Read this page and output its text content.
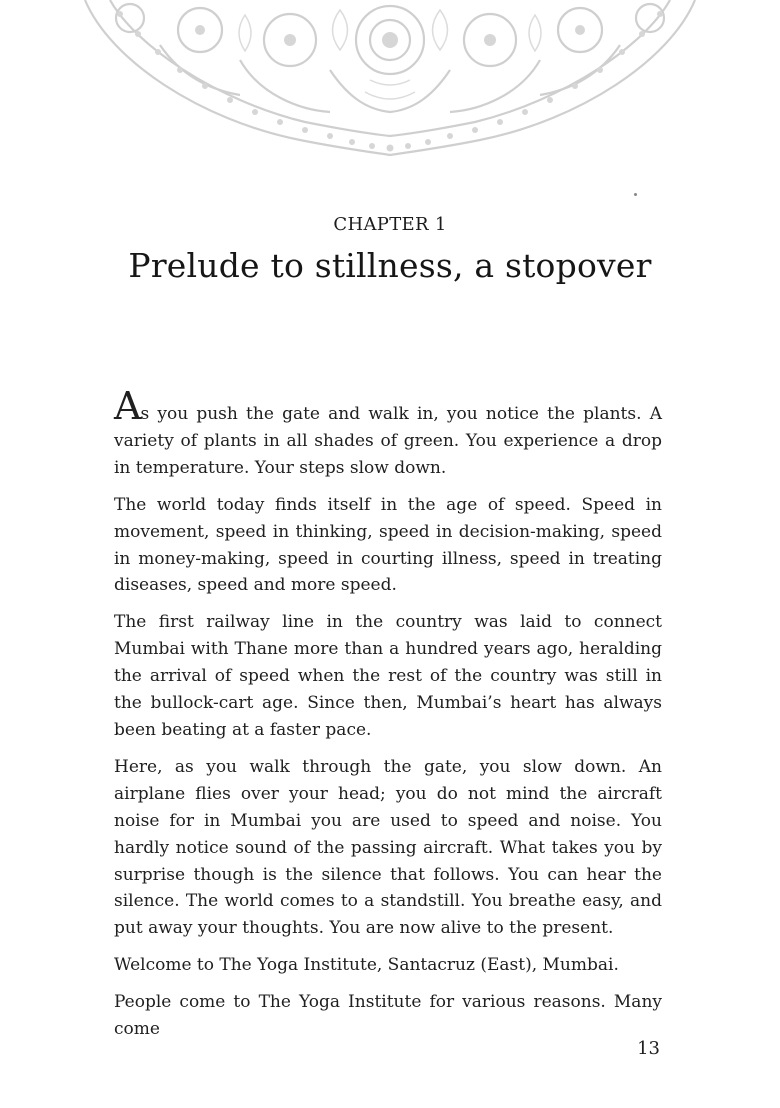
CHAPTER 1
Prelude to stillness, a stopover

As you push the gate and walk in, you notice the plants. A variety of plants in all shades of green. You experience a drop in temperature. Your steps slow down.

The world today finds itself in the age of speed. Speed in movement, speed in thinking, speed in decision-making, speed in money-making, speed in courting illness, speed in treating diseases, speed and more speed.

The first railway line in the country was laid to connect Mumbai with Thane more than a hundred years ago, heralding the arrival of speed when the rest of the country was still in the bullock-cart age. Since then, Mumbai’s heart has always been beating at a faster pace.

Here, as you walk through the gate, you slow down. An airplane flies over your head; you do not mind the aircraft noise for in Mumbai you are used to speed and noise. You hardly notice sound of the passing aircraft. What takes you by surprise though is the silence that follows. You can hear the silence. The world comes to a standstill. You breathe easy, and put away your thoughts. You are now alive to the present.

Welcome to The Yoga Institute, Santacruz (East), Mumbai.

People come to The Yoga Institute for various reasons. Many come

13
